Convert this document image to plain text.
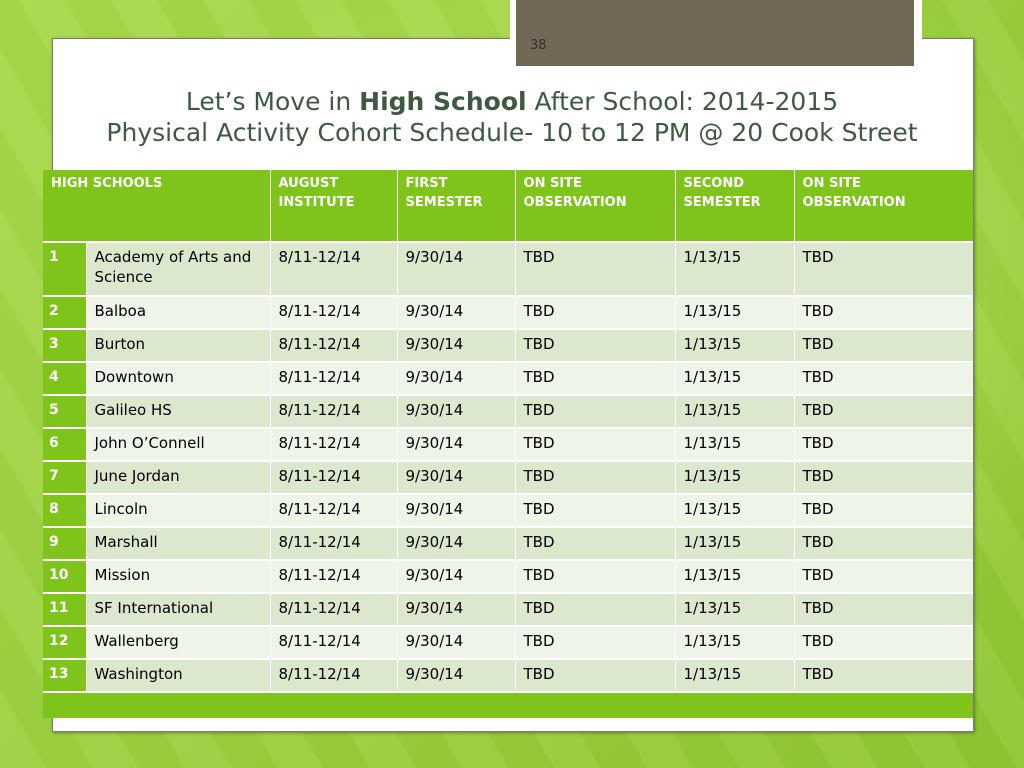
38
Let’s Move in High School After School: 2014-2015
Physical Activity Cohort Schedule- 10 to 12 PM @ 20 Cook Street
HIGH SCHOOLS		AUGUST INSTITUTE	FIRST SEMESTER	ON SITE OBSERVATION	SECOND SEMESTER	ON SITE OBSERVATION
1	Academy of Arts and Science	8/11-12/14	9/30/14	TBD	1/13/15	TBD
2	Balboa	8/11-12/14	9/30/14	TBD	1/13/15	TBD
3	Burton	8/11-12/14	9/30/14	TBD	1/13/15	TBD
4	Downtown	8/11-12/14	9/30/14	TBD	1/13/15	TBD
5	Galileo HS	8/11-12/14	9/30/14	TBD	1/13/15	TBD
6	John O’Connell	8/11-12/14	9/30/14	TBD	1/13/15	TBD
7	June Jordan	8/11-12/14	9/30/14	TBD	1/13/15	TBD
8	Lincoln	8/11-12/14	9/30/14	TBD	1/13/15	TBD
9	Marshall	8/11-12/14	9/30/14	TBD	1/13/15	TBD
10	Mission	8/11-12/14	9/30/14	TBD	1/13/15	TBD
11	SF International	8/11-12/14	9/30/14	TBD	1/13/15	TBD
12	Wallenberg	8/11-12/14	9/30/14	TBD	1/13/15	TBD
13	Washington	8/11-12/14	9/30/14	TBD	1/13/15	TBD
